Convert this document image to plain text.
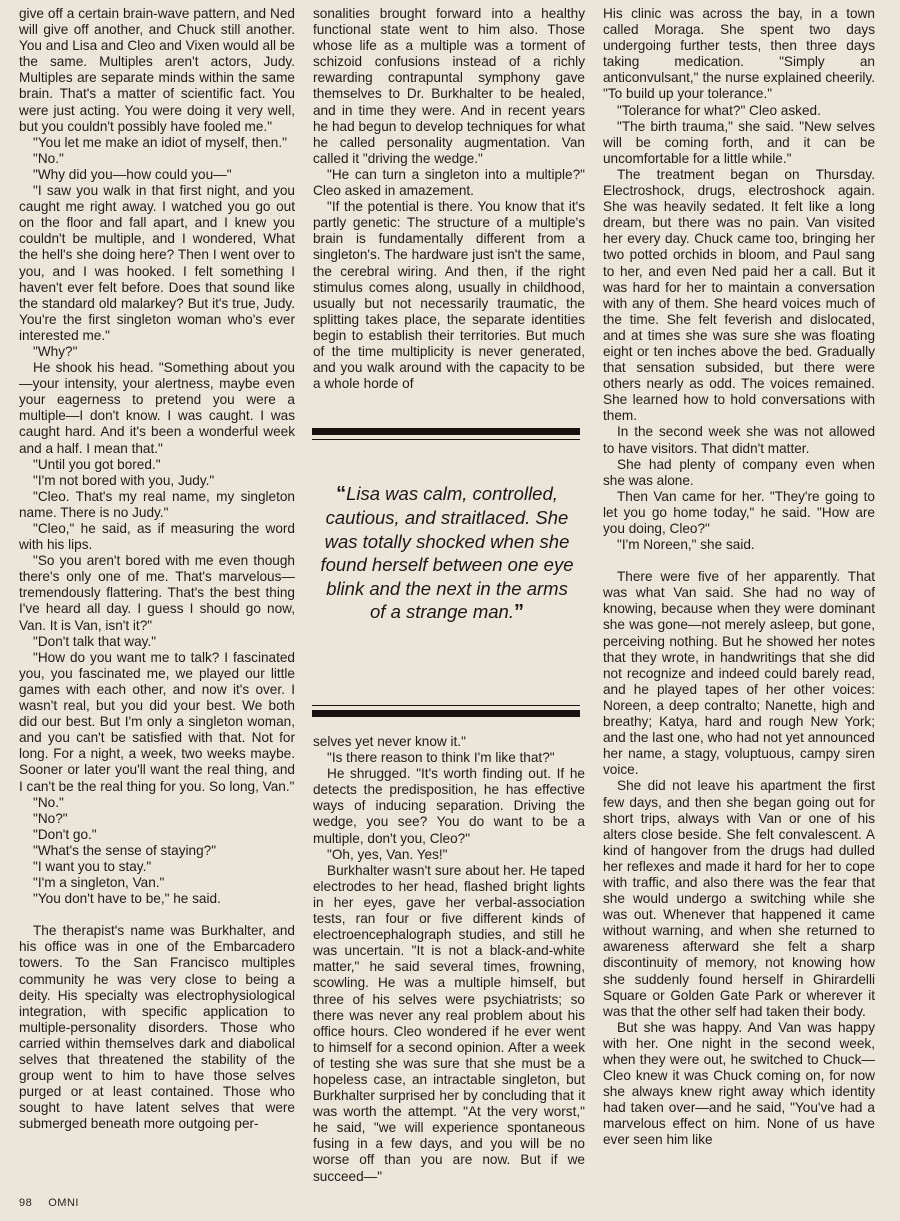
give off a certain brain-wave pattern, and Ned will give off another, and Chuck still another. You and Lisa and Cleo and Vixen would all be the same. Multiples aren't actors, Judy. Multiples are separate minds within the same brain. That's a matter of scientific fact. You were just acting. You were doing it very well, but you couldn't possibly have fooled me."

"You let me make an idiot of myself, then."

"No."

"Why did you—how could you—"

"I saw you walk in that first night, and you caught me right away. I watched you go out on the floor and fall apart, and I knew you couldn't be multiple, and I wondered, What the hell's she doing here? Then I went over to you, and I was hooked. I felt something I haven't ever felt before. Does that sound like the standard old malarkey? But it's true, Judy. You're the first singleton woman who's ever interested me."

"Why?"

He shook his head. "Something about you—your intensity, your alertness, maybe even your eagerness to pretend you were a multiple—I don't know. I was caught. I was caught hard. And it's been a wonderful week and a half. I mean that."

"Until you got bored."

"I'm not bored with you, Judy."

"Cleo. That's my real name, my singleton name. There is no Judy."

"Cleo," he said, as if measuring the word with his lips.

"So you aren't bored with me even though there's only one of me. That's marvelous—tremendously flattering. That's the best thing I've heard all day. I guess I should go now, Van. It is Van, isn't it?"

"Don't talk that way."

"How do you want me to talk? I fascinated you, you fascinated me, we played our little games with each other, and now it's over. I wasn't real, but you did your best. We both did our best. But I'm only a singleton woman, and you can't be satisfied with that. Not for long. For a night, a week, two weeks maybe. Sooner or later you'll want the real thing, and I can't be the real thing for you. So long, Van."

"No."

"No?"

"Don't go."

"What's the sense of staying?"

"I want you to stay."

"I'm a singleton, Van."

"You don't have to be," he said.

The therapist's name was Burkhalter, and his office was in one of the Embarcadero towers. To the San Francisco multiples community he was very close to being a deity. His specialty was electrophysiological integration, with specific application to multiple-personality disorders. Those who carried within themselves dark and diabolical selves that threatened the stability of the group went to him to have those selves purged or at least contained. Those who sought to have latent selves that were submerged beneath more outgoing per-

sonalities brought forward into a healthy functional state went to him also. Those whose life as a multiple was a torment of schizoid confusions instead of a richly rewarding contrapuntal symphony gave themselves to Dr. Burkhalter to be healed, and in time they were. And in recent years he had begun to develop techniques for what he called personality augmentation. Van called it "driving the wedge."

"He can turn a singleton into a multiple?" Cleo asked in amazement.

"If the potential is there. You know that it's partly genetic: The structure of a multiple's brain is fundamentally different from a singleton's. The hardware just isn't the same, the cerebral wiring. And then, if the right stimulus comes along, usually in childhood, usually but not necessarily traumatic, the splitting takes place, the separate identities begin to establish their territories. But much of the time multiplicity is never generated, and you walk around with the capacity to be a whole horde of

selves yet never know it."

"Is there reason to think I'm like that?"

He shrugged. "It's worth finding out. If he detects the predisposition, he has effective ways of inducing separation. Driving the wedge, you see? You do want to be a multiple, don't you, Cleo?"

"Oh, yes, Van. Yes!"

Burkhalter wasn't sure about her. He taped electrodes to her head, flashed bright lights in her eyes, gave her verbal-association tests, ran four or five different kinds of electroencephalograph studies, and still he was uncertain. "It is not a black-and-white matter," he said several times, frowning, scowling. He was a multiple himself, but three of his selves were psychiatrists; so there was never any real problem about his office hours. Cleo wondered if he ever went to himself for a second opinion. After a week of testing she was sure that she must be a hopeless case, an intractable singleton, but Burkhalter surprised her by concluding that it was worth the attempt. "At the very worst," he said, "we will experience spontaneous fusing in a few days, and you will be no worse off than you are now. But if we succeed—"

“Lisa was calm, controlled, cautious, and straitlaced. She was totally shocked when she found herself between one eye blink and the next in the arms of a strange man.”

His clinic was across the bay, in a town called Moraga. She spent two days undergoing further tests, then three days taking medication. "Simply an anticonvulsant," the nurse explained cheerily. "To build up your tolerance."

"Tolerance for what?" Cleo asked.

"The birth trauma," she said. "New selves will be coming forth, and it can be uncomfortable for a little while."

The treatment began on Thursday. Electroshock, drugs, electroshock again. She was heavily sedated. It felt like a long dream, but there was no pain. Van visited her every day. Chuck came too, bringing her two potted orchids in bloom, and Paul sang to her, and even Ned paid her a call. But it was hard for her to maintain a conversation with any of them. She heard voices much of the time. She felt feverish and dislocated, and at times she was sure she was floating eight or ten inches above the bed. Gradually that sensation subsided, but there were others nearly as odd. The voices remained. She learned how to hold conversations with them.

In the second week she was not allowed to have visitors. That didn't matter.

She had plenty of company even when she was alone.

Then Van came for her. "They're going to let you go home today," he said. "How are you doing, Cleo?"

"I'm Noreen," she said.

There were five of her apparently. That was what Van said. She had no way of knowing, because when they were dominant she was gone—not merely asleep, but gone, perceiving nothing. But he showed her notes that they wrote, in handwritings that she did not recognize and indeed could barely read, and he played tapes of her other voices: Noreen, a deep contralto; Nanette, high and breathy; Katya, hard and rough New York; and the last one, who had not yet announced her name, a stagy, voluptuous, campy siren voice.

She did not leave his apartment the first few days, and then she began going out for short trips, always with Van or one of his alters close beside. She felt convalescent. A kind of hangover from the drugs had dulled her reflexes and made it hard for her to cope with traffic, and also there was the fear that she would undergo a switching while she was out. Whenever that happened it came without warning, and when she returned to awareness afterward she felt a sharp discontinuity of memory, not knowing how she suddenly found herself in Ghirardelli Square or Golden Gate Park or wherever it was that the other self had taken their body.

But she was happy. And Van was happy with her. One night in the second week, when they were out, he switched to Chuck—Cleo knew it was Chuck coming on, for now she always knew right away which identity had taken over—and he said, "You've had a marvelous effect on him. None of us have ever seen him like

98 OMNI
